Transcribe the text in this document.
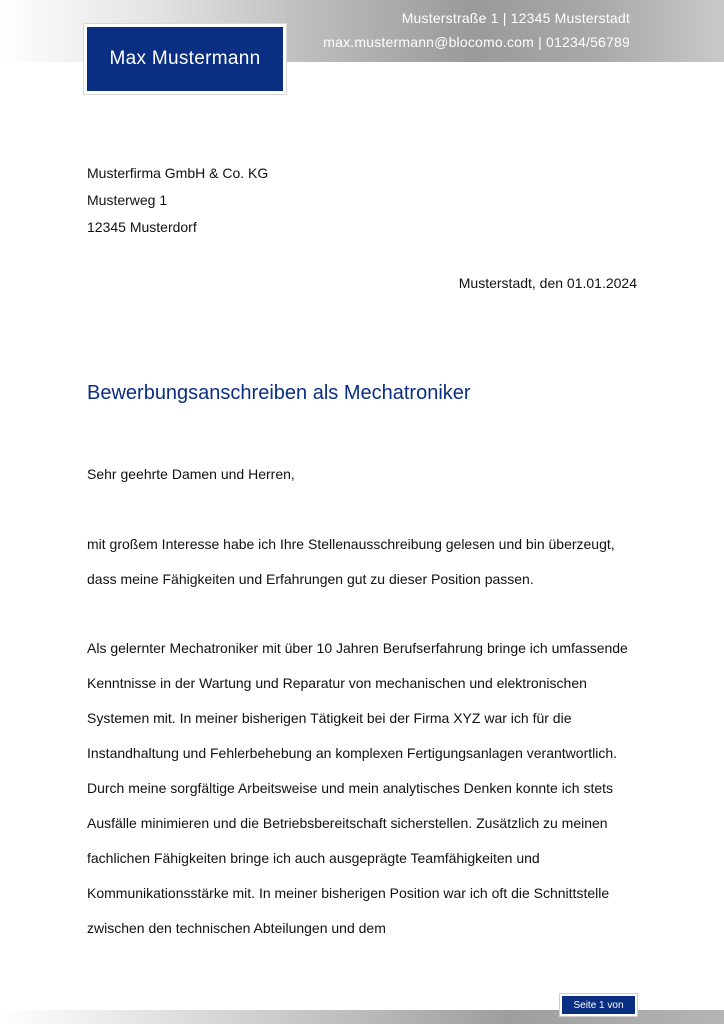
Musterstraße 1 | 12345 Musterstadt
max.mustermann@blocomo.com | 01234/56789
Max Mustermann
Musterfirma GmbH & Co. KG
Musterweg 1
12345 Musterdorf
Musterstadt, den 01.01.2024
Bewerbungsanschreiben als Mechatroniker
Sehr geehrte Damen und Herren,
mit großem Interesse habe ich Ihre Stellenausschreibung gelesen und bin überzeugt, dass meine Fähigkeiten und Erfahrungen gut zu dieser Position passen.
Als gelernter Mechatroniker mit über 10 Jahren Berufserfahrung bringe ich umfassende Kenntnisse in der Wartung und Reparatur von mechanischen und elektronischen Systemen mit. In meiner bisherigen Tätigkeit bei der Firma XYZ war ich für die Instandhaltung und Fehlerbehebung an komplexen Fertigungsanlagen verantwortlich. Durch meine sorgfältige Arbeitsweise und mein analytisches Denken konnte ich stets Ausfälle minimieren und die Betriebsbereitschaft sicherstellen. Zusätzlich zu meinen fachlichen Fähigkeiten bringe ich auch ausgeprägte Teamfähigkeiten und Kommunikationsstärke mit. In meiner bisherigen Position war ich oft die Schnittstelle zwischen den technischen Abteilungen und dem
Seite 1 von
